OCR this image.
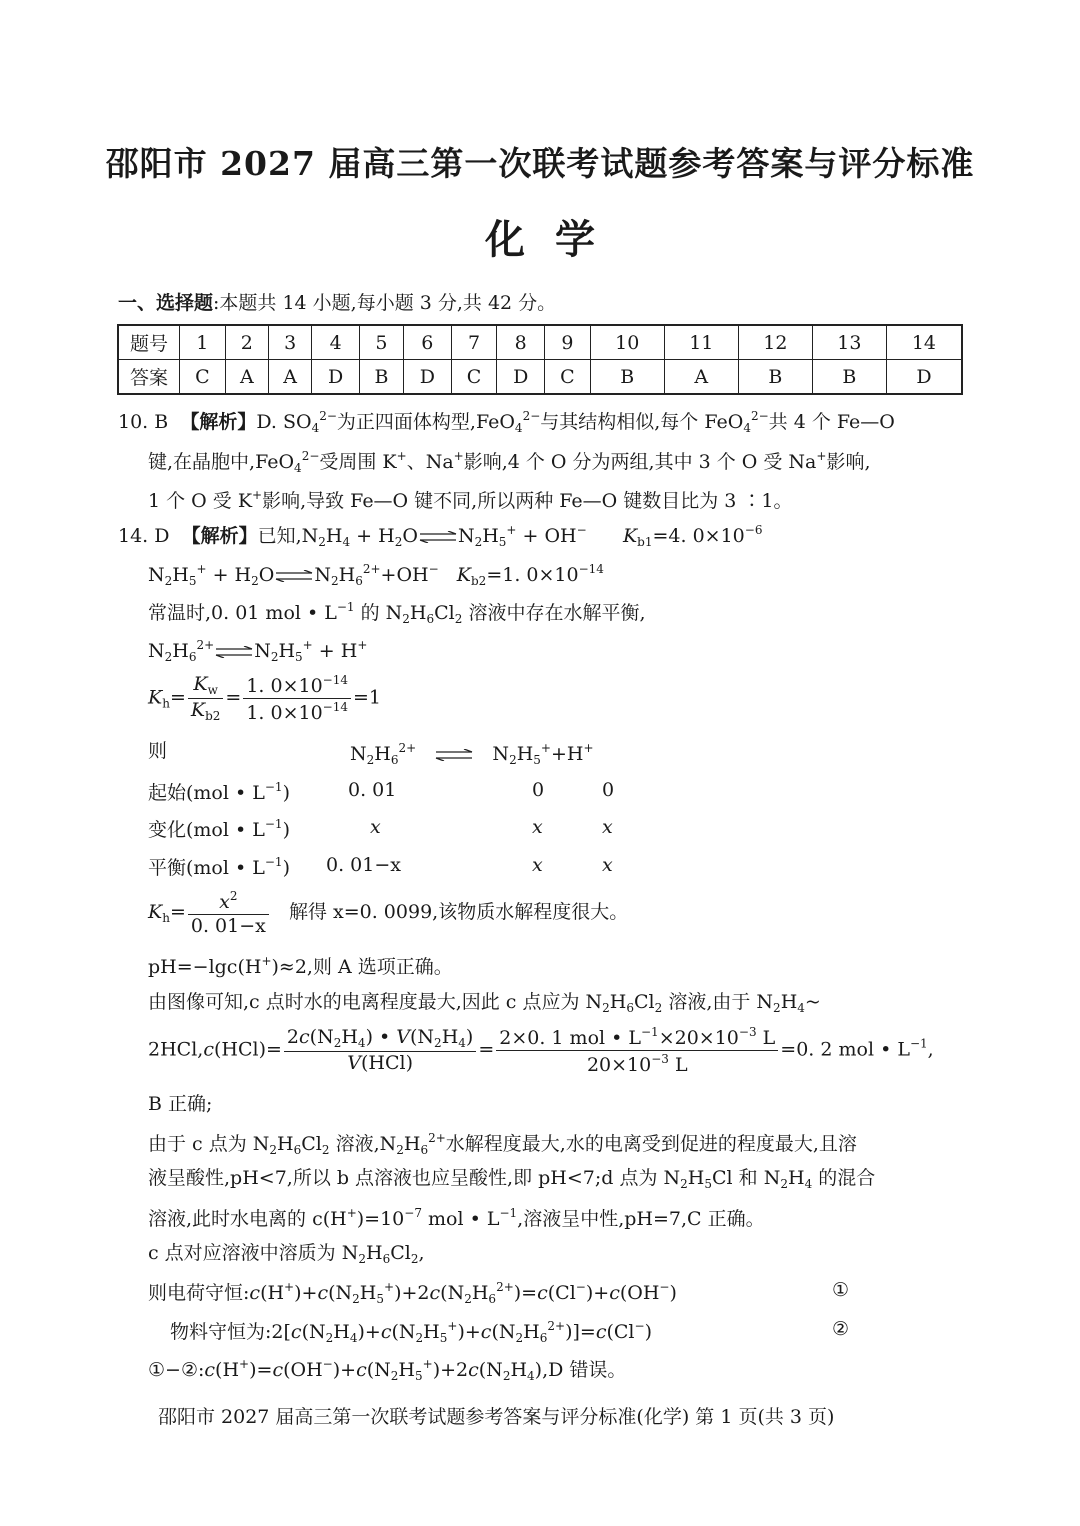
邵阳市 2027 届高三第一次联考试题参考答案与评分标准
化学
一、选择题:本题共 14 小题,每小题 3 分,共 42 分。
题号	1	2	3	4	5	6	7	8	9	10	11	12	13	14
答案	C	A	A	D	B	D	C	D	C	B	A	B	B	D
10. B 【解析】D. $SO_4^{2-}$为正四面体构型,FeO$_4^{2-}$与其结构相似,每个 FeO$_4^{2-}$共 4 个 Fe—O
键,在晶胞中,FeO$_4^{2-}$受周围 K+、Na+影响,4 个 O 分为两组,其中 3 个 O 受 Na+影响,
1 个 O 受 K+影响,导致 Fe—O 键不同,所以两种 Fe—O 键数目比为 3 ∶1。
14. D 【解析】已知$,N_2H_4 + H_2O$ $N_2H_5^+ + OH^-$ $K_{b1}=4$. $0\times 10^{-6}$
$N_2H_5^+ + H_2O$ $N_2H_6^{2+}+OH^-$ $K_{b2}=1$. $0\times 10^{-14}$
常温时,0. 01 mol • $L^{-1}$ 的 $N_2H_6Cl_2$ 溶液中存在水解平衡,
$N_2H_6^{2+}$ $N_2H_5^+ + H^+$
$K_h= \frac{K_w}{K_{b2}} = \frac{1. 0\times 10^{-14}}{1. 0\times 10^{-14}} =1$
则	$N_2H_6^{2+}$	$N_2H_5^++H^+$
起始(mol • $L^{-1}$)	0. 01	0	0
变化(mol • $L^{-1}$)	x	x	x
平衡(mol • $L^{-1}$) 0. 01−x	x	x
$K_h= \frac{x^2}{0. 01-x}$ 解得 x=0. 0099,该物质水解程度很大。
pH=−lgc(H+)≈2,则 A 选项正确。
由图像可知,c 点时水的电离程度最大,因此 c 点应为 $N_2H_6Cl_2$ 溶液,由于 $N_2H_4\sim$
$2HCl,c(HCl)= \frac{2c(N_2H_4) • V(N_2H_4)}{\text{V(HCl)}} = \frac{2\times 0. 1 mol • L^{-1}\times 20\times 10^{-3} L}{20\times 10^{-3} L} =0$. 2 mol • $L^{-1}$,
B 正确;
由于 c 点为 $N_2H_6Cl_2$ 溶液$,N_2H_6^{2+}$水解程度最大,水的电离受到促进的程度最大,且溶
液呈酸性,pH<7,所以 b 点溶液也应呈酸性,即 pH<7;d 点为 $N_2H_5Cl$ 和 $N_2H_4$ 的混合
溶液,此时水电离的 $c(H^+)=10^{-7}$ mol • $L^{-1}$,溶液呈中性,pH=7,C 正确。
c 点对应溶液中溶质为 $N_2H_6Cl_2$,
则电荷守恒$:c(H^+)+c(N_2H_5^+)+2c(N_2H_6^{2+})=c(Cl^-)+c(OH^-)$	①
物料守恒为$:2[c(N_2H_4)+c(N_2H_5^+)+c(N_2H_6^{2+})]=c(Cl^-)$	②
$①-②:c(H^+)=c(OH^-)+c(N_2H_5^+)+2c(N_2H_4),D$ 错误。
邵阳市 2027 届高三第一次联考试题参考答案与评分标准(化学) 第 1 页(共 3 页)
